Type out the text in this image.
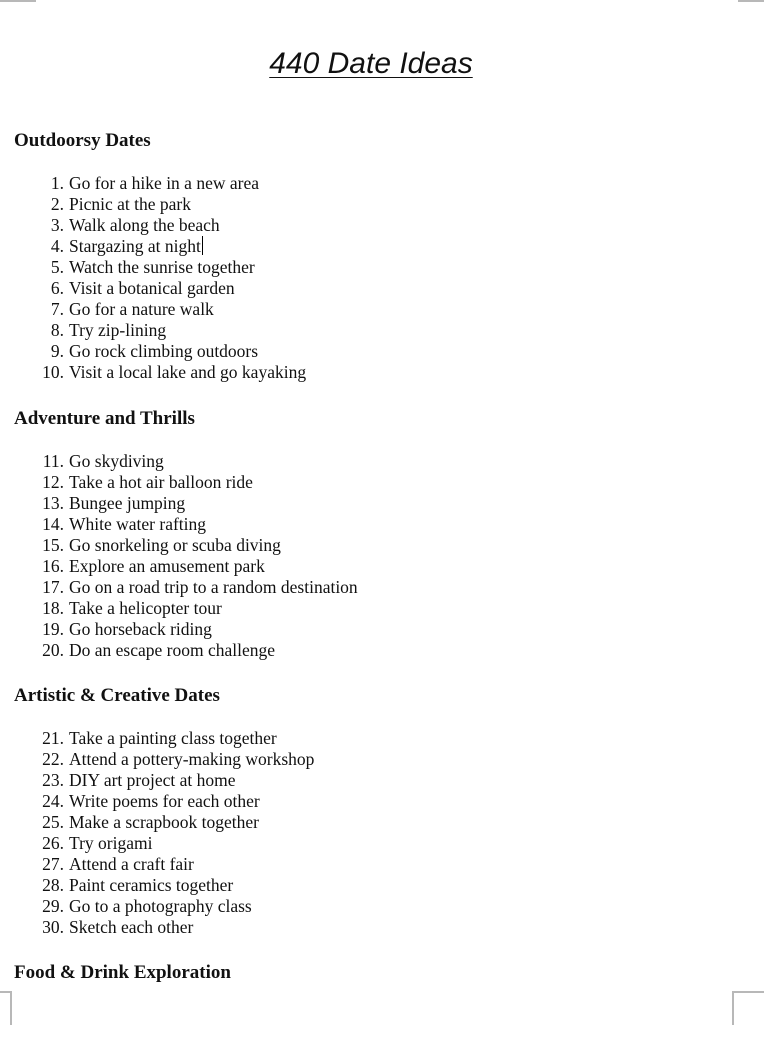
440 Date Ideas
Outdoorsy Dates
1. Go for a hike in a new area
2. Picnic at the park
3. Walk along the beach
4. Stargazing at night
5. Watch the sunrise together
6. Visit a botanical garden
7. Go for a nature walk
8. Try zip-lining
9. Go rock climbing outdoors
10. Visit a local lake and go kayaking
Adventure and Thrills
11. Go skydiving
12. Take a hot air balloon ride
13. Bungee jumping
14. White water rafting
15. Go snorkeling or scuba diving
16. Explore an amusement park
17. Go on a road trip to a random destination
18. Take a helicopter tour
19. Go horseback riding
20. Do an escape room challenge
Artistic & Creative Dates
21. Take a painting class together
22. Attend a pottery-making workshop
23. DIY art project at home
24. Write poems for each other
25. Make a scrapbook together
26. Try origami
27. Attend a craft fair
28. Paint ceramics together
29. Go to a photography class
30. Sketch each other
Food & Drink Exploration
